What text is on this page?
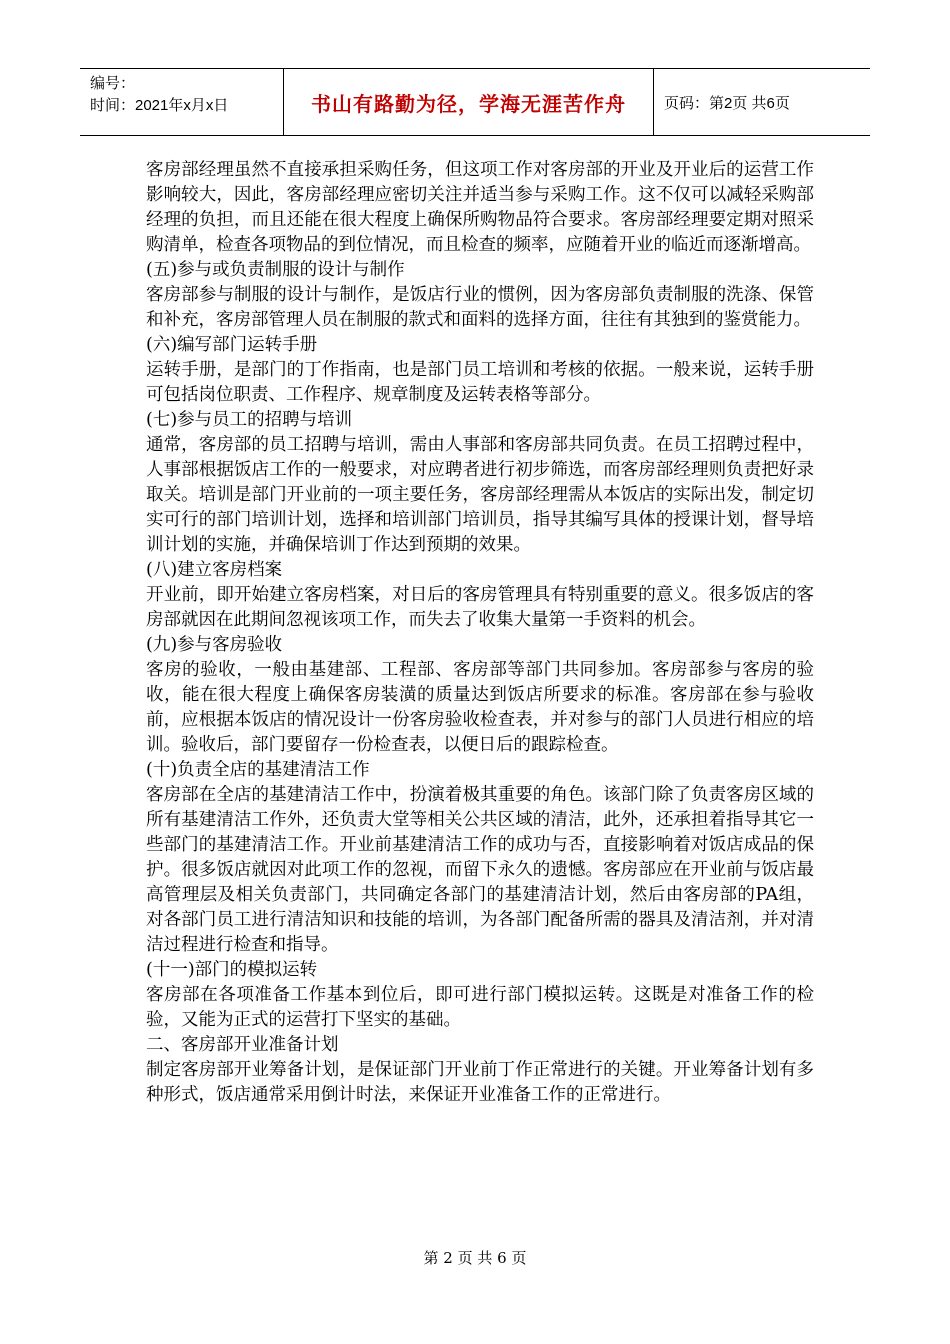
编号：
时间：2021年x月x日	书山有路勤为径，学海无涯苦作舟	页码：第2页 共6页

客房部经理虽然不直接承担采购任务，但这项工作对客房部的开业及开业后的运营工作影响较大，因此，客房部经理应密切关注并适当参与采购工作。这不仅可以减轻采购部经理的负担，而且还能在很大程度上确保所购物品符合要求。客房部经理要定期对照采购清单，检查各项物品的到位情况，而且检查的频率，应随着开业的临近而逐渐增高。

(五)参与或负责制服的设计与制作

客房部参与制服的设计与制作，是饭店行业的惯例，因为客房部负责制服的洗涤、保管和补充，客房部管理人员在制服的款式和面料的选择方面，往往有其独到的鉴赏能力。

(六)编写部门运转手册

运转手册，是部门的丁作指南，也是部门员工培训和考核的依据。一般来说，运转手册可包括岗位职责、工作程序、规章制度及运转表格等部分。

(七)参与员工的招聘与培训

通常，客房部的员工招聘与培训，需由人事部和客房部共同负责。在员工招聘过程中，人事部根据饭店工作的一般要求，对应聘者进行初步筛选，而客房部经理则负责把好录取关。培训是部门开业前的一项主要任务，客房部经理需从本饭店的实际出发，制定切实可行的部门培训计划，选择和培训部门培训员，指导其编写具体的授课计划，督导培训计划的实施，并确保培训丁作达到预期的效果。

(八)建立客房档案

开业前，即开始建立客房档案，对日后的客房管理具有特别重要的意义。很多饭店的客房部就因在此期间忽视该项工作，而失去了收集大量第一手资料的机会。

(九)参与客房验收

客房的验收，一般由基建部、工程部、客房部等部门共同参加。客房部参与客房的验收，能在很大程度上确保客房装潢的质量达到饭店所要求的标准。客房部在参与验收前，应根据本饭店的情况设计一份客房验收检查表，并对参与的部门人员进行相应的培训。验收后，部门要留存一份检查表，以便日后的跟踪检查。

(十)负责全店的基建清洁工作

客房部在全店的基建清洁工作中，扮演着极其重要的角色。该部门除了负责客房区域的所有基建清洁工作外，还负责大堂等相关公共区域的清洁，此外，还承担着指导其它一些部门的基建清洁工作。开业前基建清洁工作的成功与否，直接影响着对饭店成品的保护。很多饭店就因对此项工作的忽视，而留下永久的遗憾。客房部应在开业前与饭店最高管理层及相关负责部门，共同确定各部门的基建清洁计划，然后由客房部的PA组，对各部门员工进行清洁知识和技能的培训，为各部门配备所需的器具及清洁剂，并对清洁过程进行检查和指导。

(十一)部门的模拟运转

客房部在各项准备工作基本到位后，即可进行部门模拟运转。这既是对准备工作的检验，又能为正式的运营打下坚实的基础。

二、客房部开业准备计划

制定客房部开业筹备计划，是保证部门开业前丁作正常进行的关键。开业筹备计划有多种形式，饭店通常采用倒计时法，来保证开业准备工作的正常进行。

第 2 页 共 6 页
